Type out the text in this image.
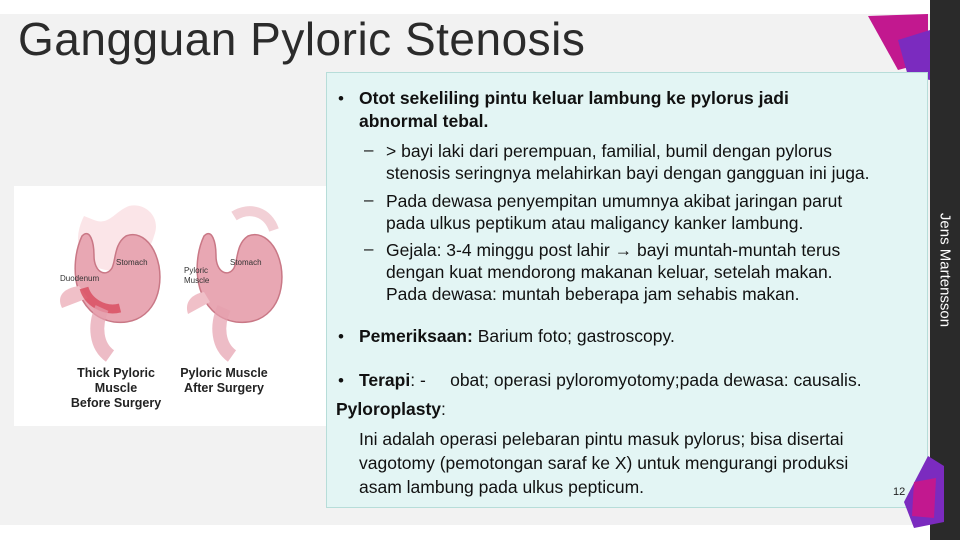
Gangguan Pyloric Stenosis
Jens Martensson
Stomach	Stomach
Duodenum
Pyloric
Muscle
Thick Pyloric
Muscle
Before Surgery
Pyloric Muscle
After Surgery
• Otot sekeliling pintu keluar lambung ke pylorus jadi
abnormal tebal.
– > bayi laki dari perempuan, familial, bumil dengan pylorus
stenosis seringnya melahirkan bayi dengan gangguan ini juga.
– Pada dewasa penyempitan umumnya akibat jaringan parut
pada ulkus peptikum atau maligancy kanker lambung.
– Gejala: 3-4 minggu post lahir → bayi muntah-muntah terus
dengan kuat mendorong makanan keluar, setelah makan.
Pada dewasa: muntah beberapa jam sehabis makan.
• Pemeriksaan: Barium foto; gastroscopy.
• Terapi: -     obat; operasi pyloromyotomy;pada dewasa: causalis.
Pyloroplasty:
Ini adalah operasi pelebaran pintu masuk pylorus; bisa disertai
vagotomy (pemotongan saraf ke X) untuk mengurangi produksi
asam lambung pada ulkus pepticum.	12
